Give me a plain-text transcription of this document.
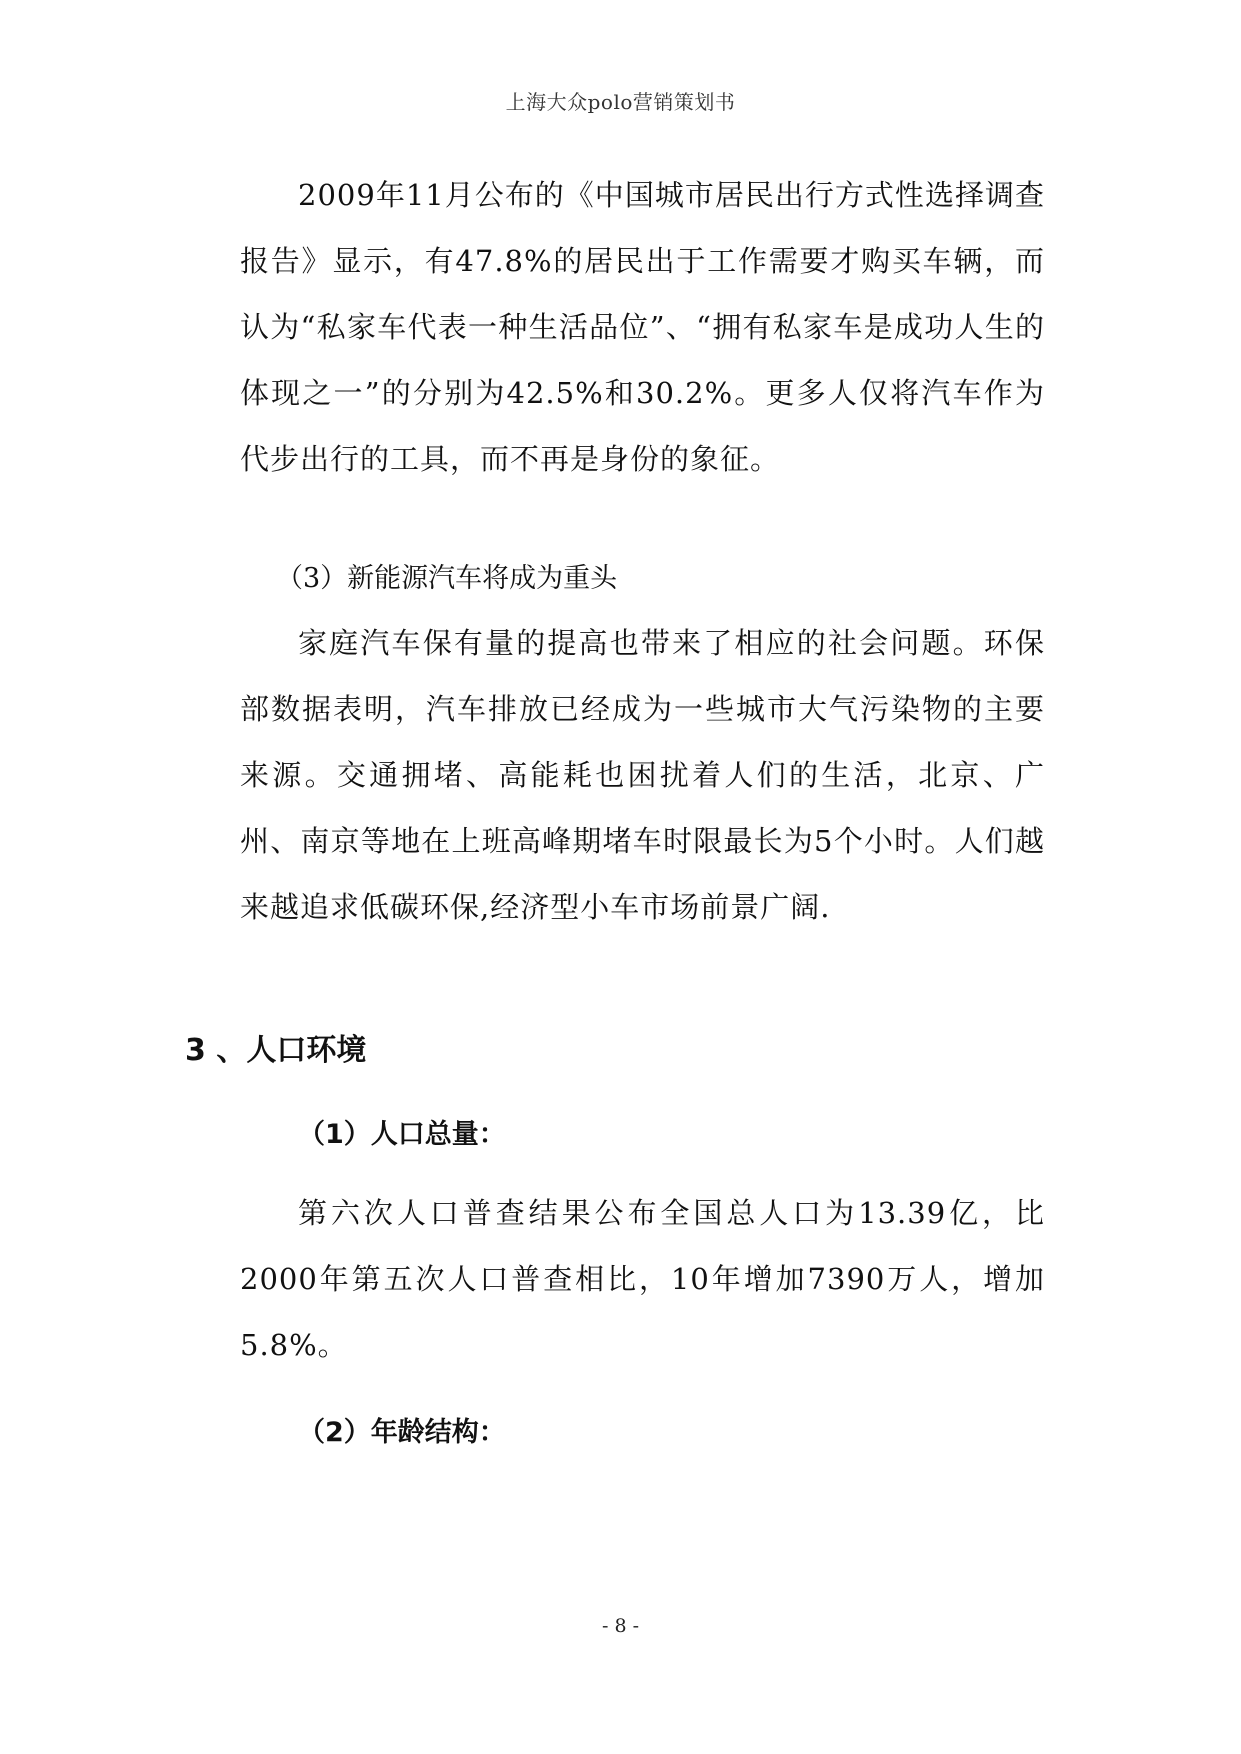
上海大众polo营销策划书

2009年11月公布的《中国城市居民出行方式性选择调查报告》显示，有47.8%的居民出于工作需要才购买车辆，而认为“私家车代表一种生活品位”、“拥有私家车是成功人生的体现之一”的分别为42.5%和30.2%。更多人仅将汽车作为代步出行的工具，而不再是身份的象征。

（3）新能源汽车将成为重头

家庭汽车保有量的提高也带来了相应的社会问题。环保部数据表明，汽车排放已经成为一些城市大气污染物的主要来源。交通拥堵、高能耗也困扰着人们的生活，北京、广州、南京等地在上班高峰期堵车时限最长为5个小时。人们越来越追求低碳环保,经济型小车市场前景广阔.

3 、人口环境
（1）人口总量：

第六次人口普查结果公布全国总人口为13.39亿，比2000年第五次人口普查相比，10年增加7390万人，增加5.8%。

（2）年龄结构：
- 8 -
